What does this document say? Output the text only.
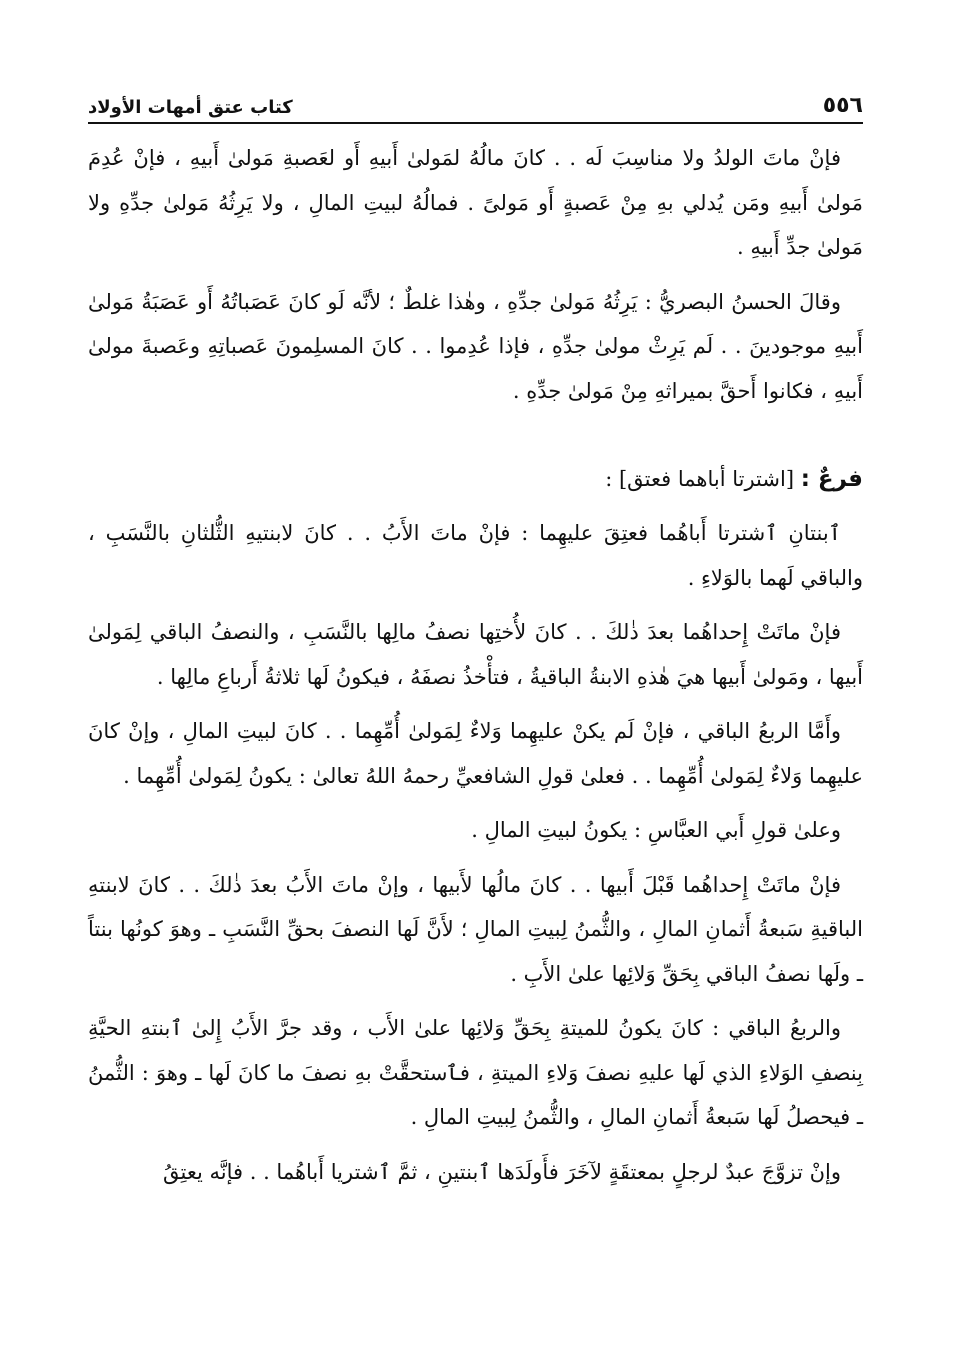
٥٥٦
كتاب عتق أمهات الأولاد

فإنْ ماتَ الولدُ ولا مناسِبَ لَه . . كانَ مالُهُ لمَولىٰ أَبيهِ أَو لعَصبةِ مَولىٰ أَبيهِ ، فإنْ عُدِمَ مَولىٰ أَبيهِ ومَن يُدلي بهِ مِنْ عَصبةٍ أَو مَولىً . فمالُهُ لبيتِ المالِ ، ولا يَرِثُهُ مَولىٰ جدِّهِ ولا مَولىٰ جدِّ أَبيهِ .

وقالَ الحسنُ البصريُّ : يَرِثُهُ مَولىٰ جدِّهِ ، وهٰذا غلطٌ ؛ لأنَّه لَو كانَ عَصَباتُهُ أَو عَصَبَةُ مَولىٰ أَبيهِ موجودينَ . . لَم يَرِثْ مولىٰ جدِّهِ ، فإذا عُدِموا . . كانَ المسلِمونَ عَصباتِهِ وعَصبةَ مولىٰ أَبيهِ ، فكانوا أَحقَّ بميراثهِ مِنْ مَولىٰ جدِّهِ .

فرعٌ : [اشترتا أباهما فعتق] :

ٱبنتانِ ٱشترتا أَباهُما فعتِقَ عليهِما : فإنْ ماتَ الأَبُ . . كانَ لابنتيهِ الثُّلثانِ بالنَّسَبِ ، والباقي لَهما بالوَلاءِ .

فإنْ ماتَتْ إِحداهُما بعدَ ذٰلكَ . . كانَ لأُختِها نصفُ مالِها بالنَّسَبِ ، والنصفُ الباقي لِمَولىٰ أَبيها ، ومَولىٰ أَبيها هيَ هٰذهِ الابنةُ الباقيةُ ، فتأْخذُ نصفَهُ ، فيكونُ لَها ثلاثةُ أَرباعِ مالِها .

وأَمَّا الربعُ الباقي ، فإنْ لَم يكنْ عليهِما وَلاءٌ لِمَولىٰ أُمِّهِما . . كانَ لبيتِ المالِ ، وإنْ كانَ عليهِما وَلاءٌ لِمَولىٰ أُمِّهِما . . فعلىٰ قولِ الشافعيِّ رحمهُ اللهُ تعالىٰ : يكونُ لِمَولىٰ أُمِّهِما .

وعلىٰ قولِ أَبي العبَّاسِ : يكونُ لبيتِ المالِ .

فإنْ ماتَتْ إِحداهُما قَبْلَ أَبيها . . كانَ مالُها لأَبيها ، وإنْ ماتَ الأَبُ بعدَ ذٰلكَ . . كانَ لابنتهِ الباقيةِ سَبعةُ أَثمانِ المالِ ، والثُّمنُ لِبيتِ المالِ ؛ لأَنَّ لَها النصفَ بحقِّ النَّسَبِ ـ وهوَ كونُها بنتاً ـ ولَها نصفُ الباقي بِحَقِّ وَلائِها علىٰ الأَبِ .

والربعُ الباقي : كانَ يكونُ للميتةِ بِحَقِّ وَلائِها علىٰ الأَب ، وقد جرَّ الأَبُ إِلىٰ ٱبنتهِ الحيَّةِ بِنصفِ الوَلاءِ الذي لَها عليهِ نصفَ وَلاءِ الميتةِ ، فٱستحقَّتْ بهِ نصفَ ما كانَ لَها ـ وهوَ : الثُّمنُ ـ فيحصلُ لَها سَبعةُ أَثمانِ المالِ ، والثُّمنُ لِبيتِ المالِ .

وإنْ تزوَّجَ عبدٌ لرجلٍ بمعتقَةٍ لآخَرَ فأَولَدَها ٱبنتينِ ، ثمَّ ٱشتريا أَباهُما . . فإنَّه يعتِقُ
